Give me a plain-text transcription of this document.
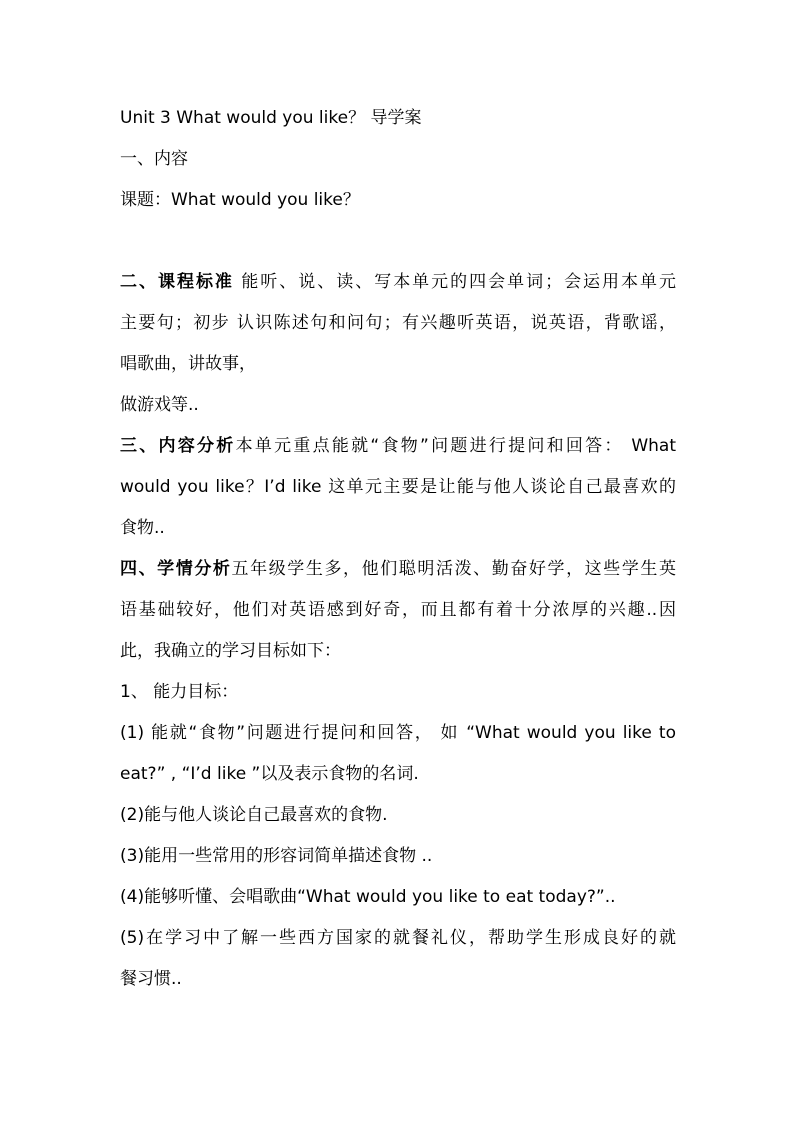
Unit 3 What would you like？ 导学案
一、内容
课题：What would you like？
二、课程标准 能听、说、读、写本单元的四会单词；会运用本单元
主要句；初步 认识陈述句和问句；有兴趣听英语，说英语，背歌谣，
唱歌曲，讲故事，
做游戏等..
三、内容分析本单元重点能就“食物”问题进行提问和回答： What
would you like？I’d like 这单元主要是让能与他人谈论自己最喜欢的
食物..
四、学情分析五年级学生多，他们聪明活泼、勤奋好学，这些学生英
语基础较好，他们对英语感到好奇，而且都有着十分浓厚的兴趣..因
此，我确立的学习目标如下：
1、 能力目标：
(1) 能就“食物”问题进行提问和回答， 如 “What would you like to
eat?” , “I’d like ”以及表示食物的名词.
(2)能与他人谈论自己最喜欢的食物.
(3)能用一些常用的形容词简单描述食物 ..
(4)能够听懂、会唱歌曲“What would you like to eat today?”..
(5)在学习中了解一些西方国家的就餐礼仪，帮助学生形成良好的就
餐习惯..
